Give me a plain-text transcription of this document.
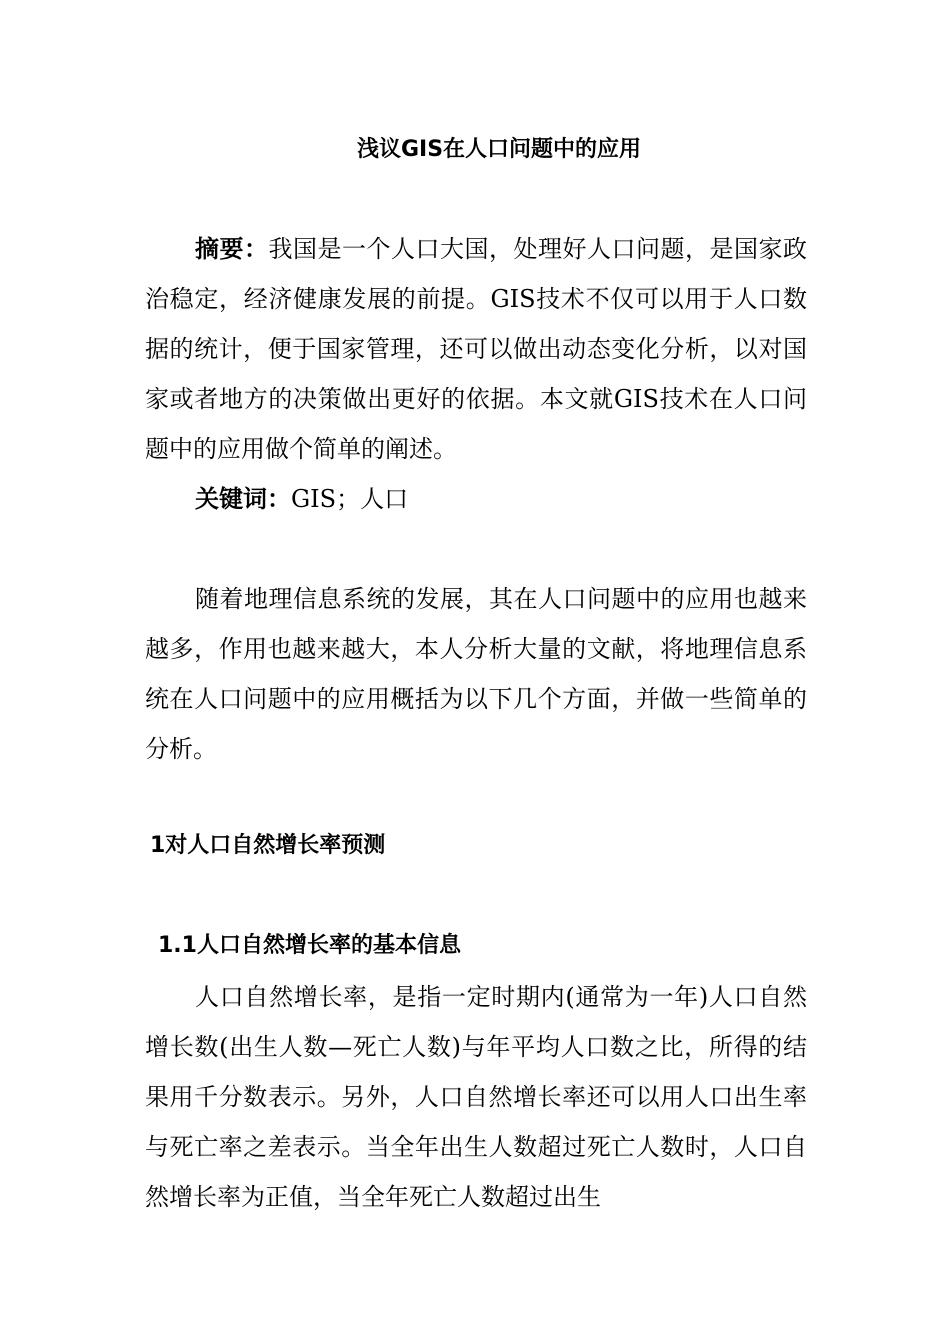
浅议GIS在人口问题中的应用
摘要：我国是一个人口大国，处理好人口问题，是国家政治稳定，经济健康发展的前提。GIS技术不仅可以用于人口数据的统计，便于国家管理，还可以做出动态变化分析，以对国家或者地方的决策做出更好的依据。本文就GIS技术在人口问题中的应用做个简单的阐述。
关键词：GIS；人口
随着地理信息系统的发展，其在人口问题中的应用也越来越多，作用也越来越大，本人分析大量的文献，将地理信息系统在人口问题中的应用概括为以下几个方面，并做一些简单的分析。
1对人口自然增长率预测
1.1人口自然增长率的基本信息
人口自然增长率，是指一定时期内(通常为一年)人口自然增长数(出生人数—死亡人数)与年平均人口数之比，所得的结果用千分数表示。另外，人口自然增长率还可以用人口出生率与死亡率之差表示。当全年出生人数超过死亡人数时，人口自然增长率为正值，当全年死亡人数超过出生
